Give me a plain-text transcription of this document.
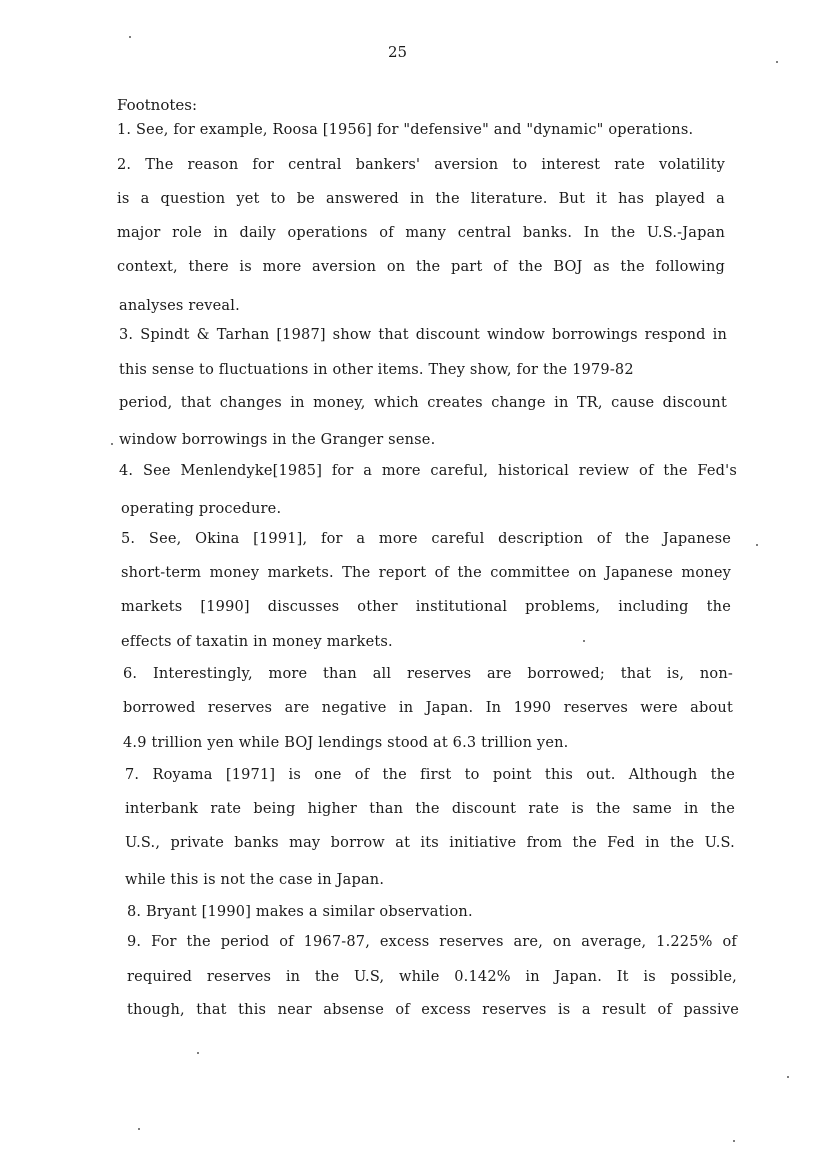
25
Footnotes:
1. See, for example, Roosa [1956] for "defensive" and "dynamic" operations.
2. The reason for central bankers' aversion to interest rate volatility
is a question yet to be answered in the literature. But it has played a
major role in daily operations of many central banks. In the U.S.-Japan
context, there is more aversion on the part of the BOJ as the following
analyses reveal.
3. Spindt & Tarhan [1987] show that discount window borrowings respond in
this sense to fluctuations in other items. They show, for the 1979-82
period, that changes in money, which creates change in TR, cause discount
window borrowings in the Granger sense.
4. See Menlendyke[1985] for a more careful, historical review of the Fed's
operating procedure.
5. See, Okina [1991], for a more careful description of the Japanese
short-term money markets. The report of the committee on Japanese money
markets [1990] discusses other institutional problems, including the
effects of taxatin in money markets.
6. Interestingly, more than all reserves are borrowed; that is, non-
borrowed reserves are negative in Japan. In 1990 reserves were about
4.9 trillion yen while BOJ lendings stood at 6.3 trillion yen.
7. Royama [1971] is one of the first to point this out. Although the
interbank rate being higher than the discount rate is the same in the
U.S., private banks may borrow at its initiative from the Fed in the U.S.
while this is not the case in Japan.
8. Bryant [1990] makes a similar observation.
9. For the period of 1967-87, excess reserves are, on average, 1.225% of
required reserves in the U.S, while 0.142% in Japan. It is possible,
though, that this near absense of excess reserves is a result of passive
